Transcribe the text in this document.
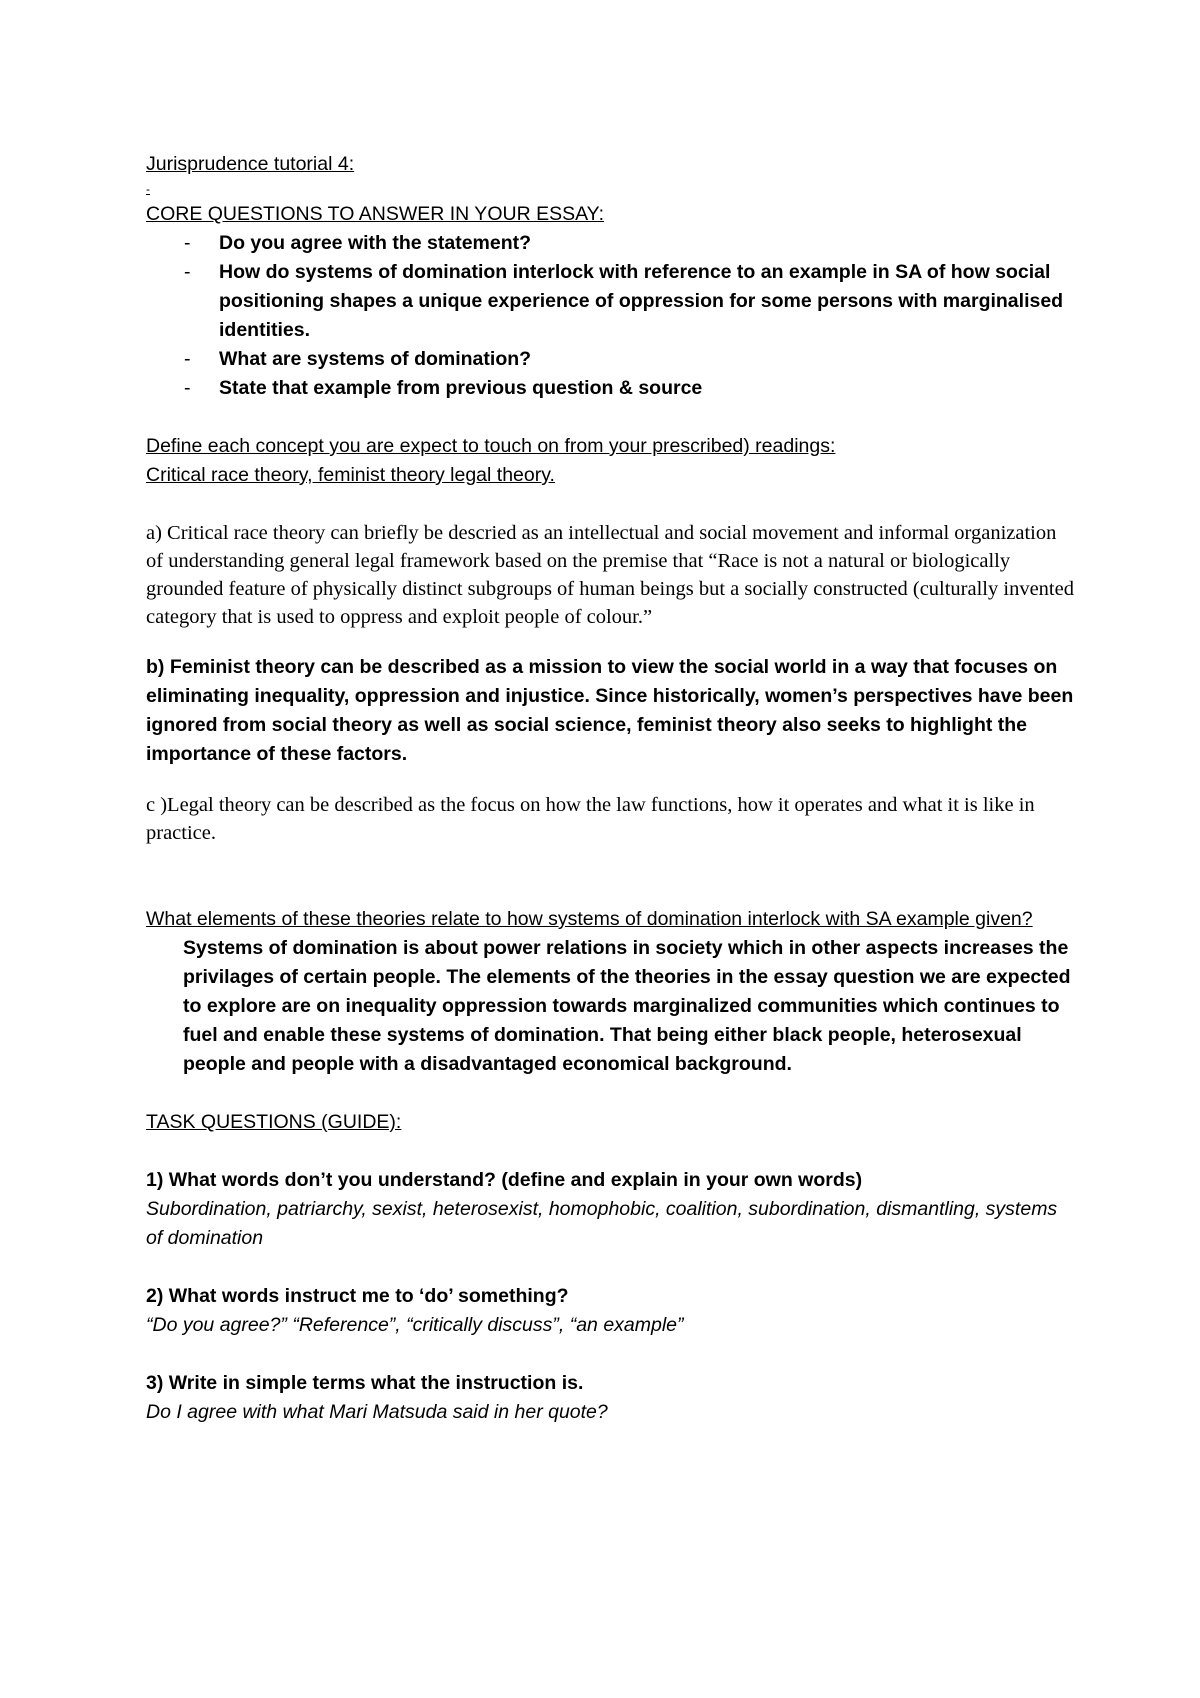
Jurisprudence tutorial 4:

-

CORE QUESTIONS TO ANSWER IN YOUR ESSAY:

- Do you agree with the statement?
- How do systems of domination interlock with reference to an example in SA of how social positioning shapes a unique experience of oppression for some persons with marginalised identities.
- What are systems of domination?
- State that example from previous question & source

Define each concept you are expect to touch on from your prescribed) readings:

Critical race theory, feminist theory legal theory.

a) Critical race theory can briefly be descried as an intellectual and social movement and informal organization of understanding general legal framework based on the premise that “Race is not a natural or biologically grounded feature of physically distinct subgroups of human beings but a socially constructed (culturally invented category that is used to oppress and exploit people of colour.”

b) Feminist theory can be described as a mission to view the social world in a way that focuses on eliminating inequality, oppression and injustice. Since historically, women’s perspectives have been ignored from social theory as well as social science, feminist theory also seeks to highlight the importance of these factors.

c )Legal theory can be described as the focus on how the law functions, how it operates and what it is like in practice.

What elements of these theories relate to how systems of domination interlock with SA example given?

Systems of domination is about power relations in society which in other aspects increases the privilages of certain people. The elements of the theories in the essay question we are expected to explore are on inequality oppression towards marginalized communities which continues to fuel and enable these systems of domination. That being either black people, heterosexual people and people with a disadvantaged economical background.

TASK QUESTIONS (GUIDE):

1) What words don’t you understand? (define and explain in your own words)

Subordination, patriarchy, sexist, heterosexist, homophobic, coalition, subordination, dismantling, systems of domination

2) What words instruct me to ‘do’ something?

“Do you agree?” “Reference”, “critically discuss”, “an example”

3) Write in simple terms what the instruction is.

Do I agree with what Mari Matsuda said in her quote?
